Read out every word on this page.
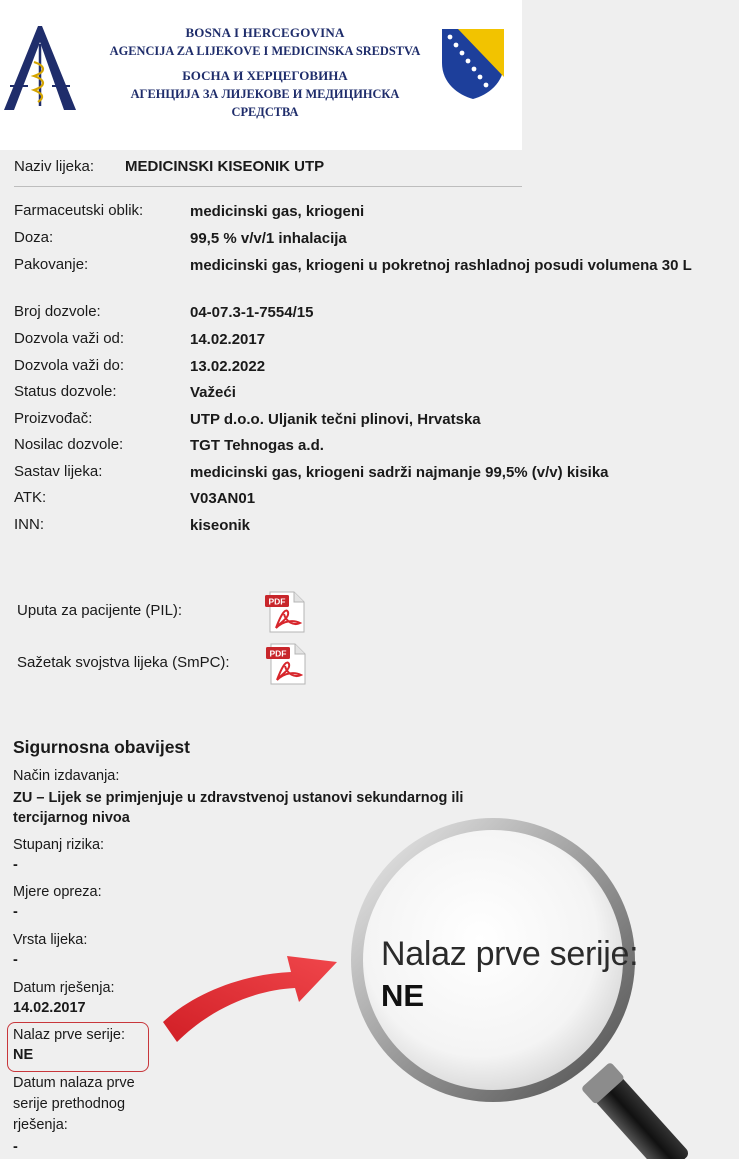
BOSNA I HERCEGOVINA
AGENCIJA ZA LIJEKOVE I MEDICINSKA SREDSTVA
БОСНА И ХЕРЦЕГОВИНА
АГЕНЦИЈА ЗА ЛИЈЕКОВЕ И МЕДИЦИНСКА СРЕДСТВА
Naziv lijeka: MEDICINSKI KISEONIK UTP
Farmaceutski oblik:	medicinski gas, kriogeni
Doza:	99,5 % v/v/1 inhalacija
Pakovanje:	medicinski gas, kriogeni u pokretnoj rashladnoj posudi volumena 30 L
Broj dozvole:	04-07.3-1-7554/15
Dozvola važi od:	14.02.2017
Dozvola važi do:	13.02.2022
Status dozvole:	Važeći
Proizvođač:	UTP d.o.o. Uljanik tečni plinovi, Hrvatska
Nosilac dozvole:	TGT Tehnogas a.d.
Sastav lijeka:	medicinski gas, kriogeni sadrži najmanje 99,5% (v/v) kisika
ATK:	V03AN01
INN:	kiseonik
Uputa za pacijente (PIL):
PDF
Sažetak svojstva lijeka (SmPC):
PDF
Sigurnosna obavijest
Način izdavanja:
ZU – Lijek se primjenjuje u zdravstvenoj ustanovi sekundarnog ili
tercijarnog nivoa
Stupanj rizika:
-
Mjere opreza:
-
Vrsta lijeka:
-
Datum rješenja:
14.02.2017
Nalaz prve serije:
NE
Datum nalaza prve
serije prethodnog
rješenja:
-
Nalaz prve serije:
NE
